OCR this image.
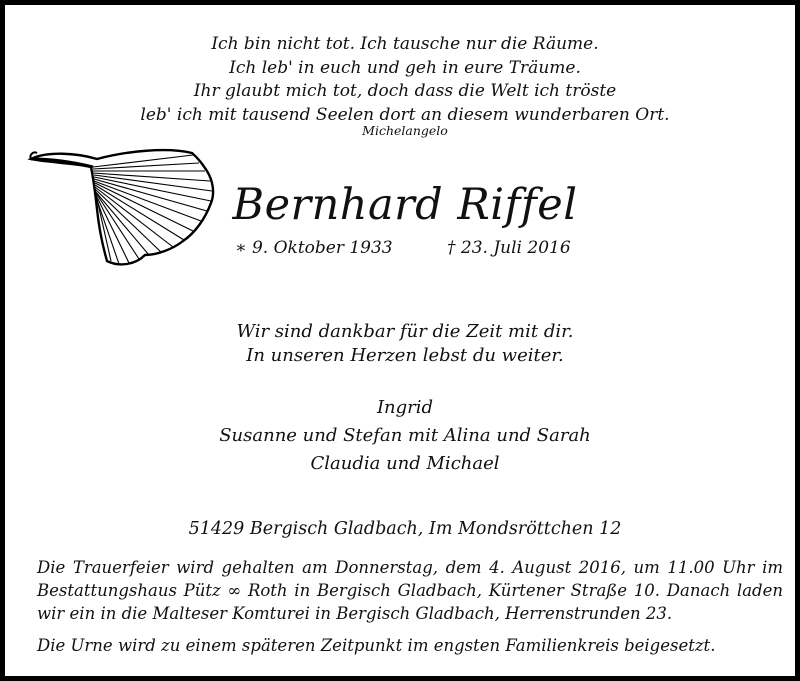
Ich bin nicht tot. Ich tausche nur die Räume.
Ich leb' in euch und geh in eure Träume.
Ihr glaubt mich tot, doch dass die Welt ich tröste
leb' ich mit tausend Seelen dort an diesem wunderbaren Ort.
Michelangelo
Bernhard Riffel
∗ 9. Oktober 1933	† 23. Juli 2016
Wir sind dankbar für die Zeit mit dir.
In unseren Herzen lebst du weiter.
Ingrid
Susanne und Stefan mit Alina und Sarah
Claudia und Michael
51429 Bergisch Gladbach, Im Mondsröttchen 12
Die Trauerfeier wird gehalten am Donnerstag, dem 4. August 2016, um 11.00 Uhr im
Bestattungshaus Pütz ∞ Roth in Bergisch Gladbach, Kürtener Straße 10. Danach laden
wir ein in die Malteser Komturei in Bergisch Gladbach, Herrenstrunden 23.
Die Urne wird zu einem späteren Zeitpunkt im engsten Familienkreis beigesetzt.
